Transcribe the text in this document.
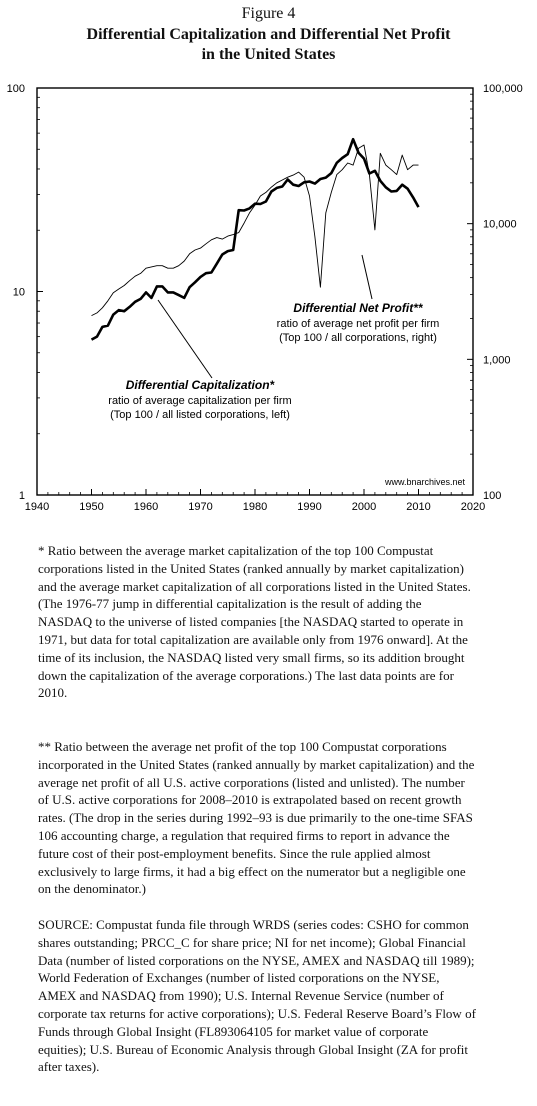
Figure 4
Differential Capitalization and Differential Net Profit
in the United States
1940	1950	1960	1970	1980	1990	2000	2010	2020
1
10
100
100
1,000
10,000
100,000
Differential Net Profit**
ratio of average net profit per firm
(Top 100 / all corporations, right)
Differential Capitalization*
ratio of average capitalization per firm
(Top 100 / all listed corporations, left)
www.bnarchives.net

* Ratio between the average market capitalization of the top 100 Compustat corporations listed in the United States (ranked annually by market capitalization) and the average market capitalization of all corporations listed in the United States. (The 1976-77 jump in differential capitalization is the result of adding the NASDAQ to the universe of listed companies [the NASDAQ started to operate in 1971, but data for total capitalization are available only from 1976 onward]. At the time of its inclusion, the NASDAQ listed very small firms, so its addition brought down the capitalization of the average corporations.) The last data points are for 2010.

** Ratio between the average net profit of the top 100 Compustat corporations incorporated in the United States (ranked annually by market capitalization) and the average net profit of all U.S. active corporations (listed and unlisted). The number of U.S. active corporations for 2008–2010 is extrapolated based on recent growth rates. (The drop in the series during 1992–93 is due primarily to the one-time SFAS 106 accounting charge, a regulation that required firms to report in advance the future cost of their post-employment benefits. Since the rule applied almost exclusively to large firms, it had a big effect on the numerator but a negligible one on the denominator.)

SOURCE: Compustat funda file through WRDS (series codes: CSHO for common shares outstanding; PRCC_C for share price; NI for net income); Global Financial Data (number of listed corporations on the NYSE, AMEX and NASDAQ till 1989); World Federation of Exchanges (number of listed corporations on the NYSE, AMEX and NASDAQ from 1990); U.S. Internal Revenue Service (number of corporate tax returns for active corporations); U.S. Federal Reserve Board’s Flow of Funds through Global Insight (FL893064105 for market value of corporate equities); U.S. Bureau of Economic Analysis through Global Insight (ZA for profit after taxes).
